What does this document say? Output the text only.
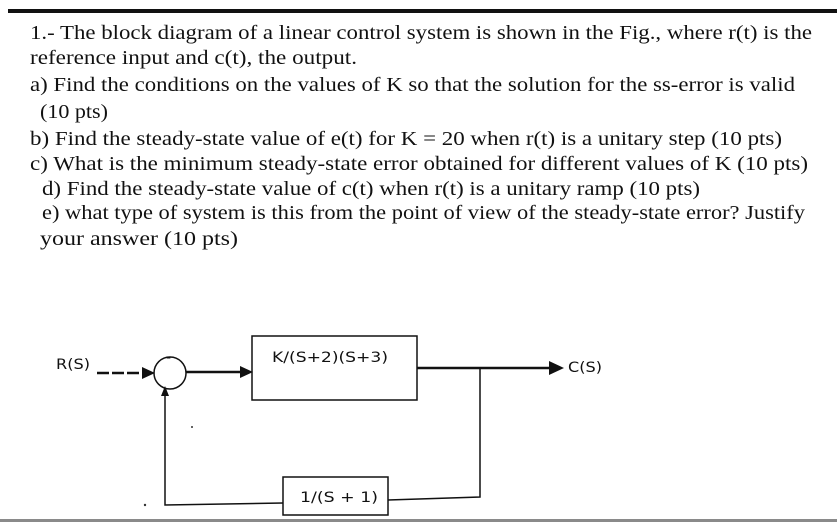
1.- The block diagram of a linear control system is shown in the Fig., where r(t) is the
reference input and c(t), the output.
a) Find the conditions on the values of K so that the solution for the ss-error is valid
(10 pts)
b) Find the steady-state value of e(t) for K = 20 when r(t) is a unitary step (10 pts)
c) What is the minimum steady-state error obtained for different values of K (10 pts)
d) Find the steady-state value of c(t) when r(t) is a unitary ramp (10 pts)
e) what type of system is this from the point of view of the steady-state error? Justify
your answer (10 pts)
R(S)	-	K/(S+2)(S+3)
C(S)
1/(S + 1)
